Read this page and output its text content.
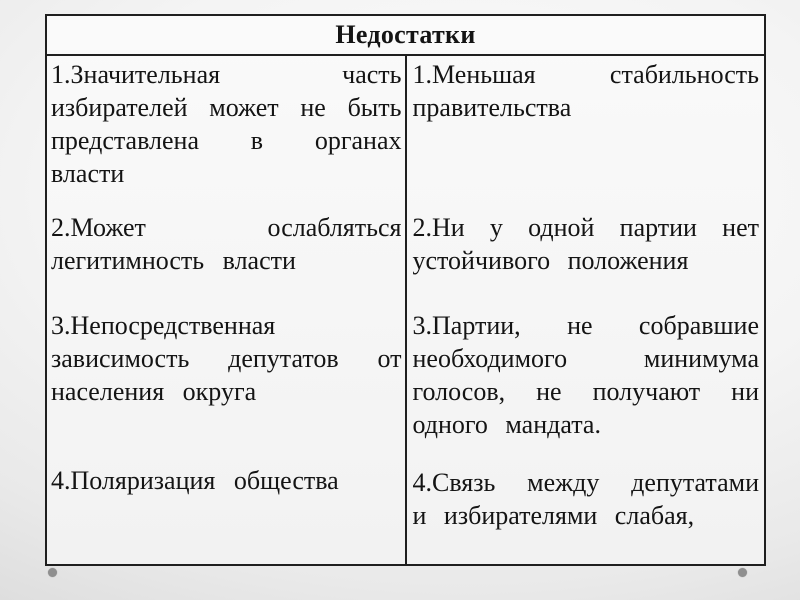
Недостатки

1.Значительная часть избирателей может не быть представлена в органах власти

2.Может ослабляться легитимность власти

3.Непосредственная зависимость депутатов от населения округа

4.Поляризация общества

1.Меньшая стабильность правительства

2.Ни у одной партии нет устойчивого положения

3.Партии, не собравшие необходимого минимума голосов, не получают ни одного мандата.

4.Связь между депутатами и избирателями слабая,
